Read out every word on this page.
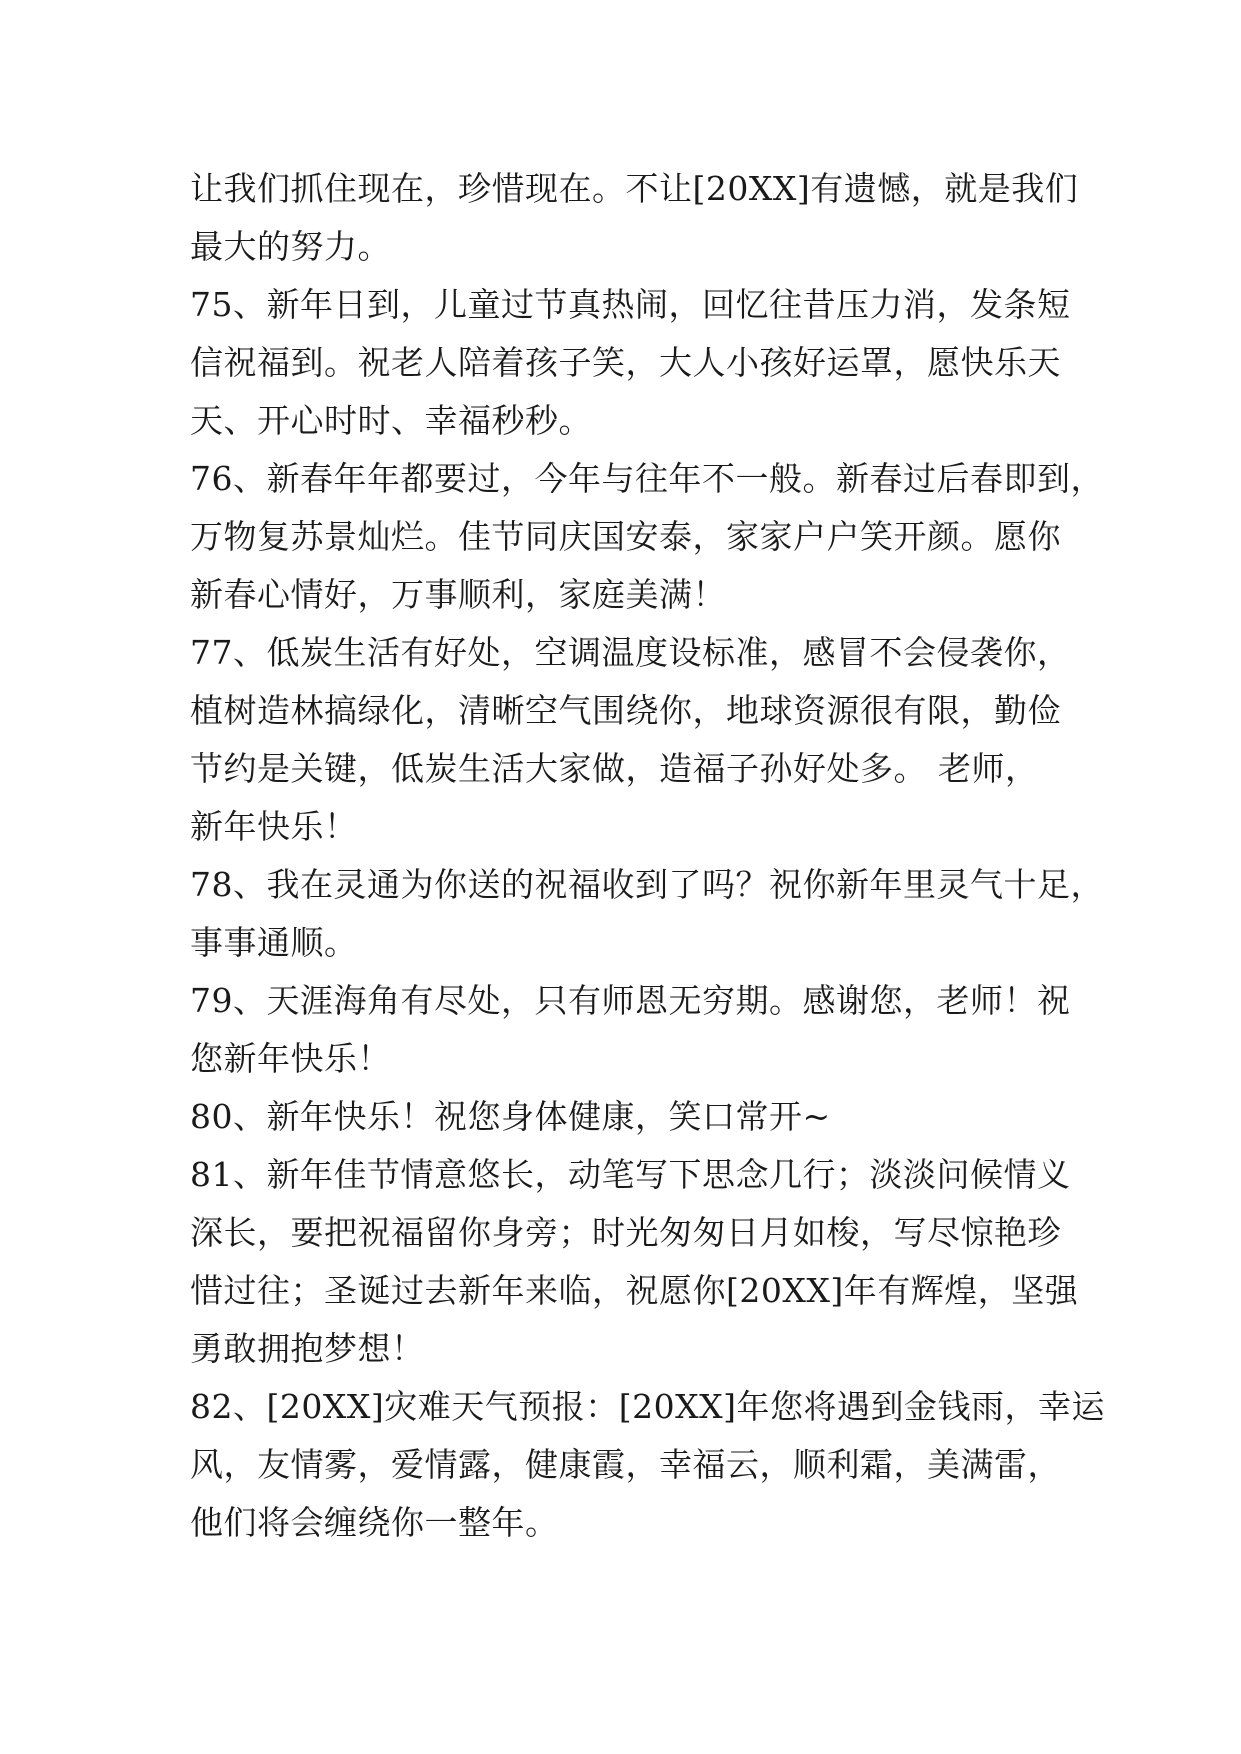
让我们抓住现在，珍惜现在。不让[20XX]有遗憾，就是我们
最大的努力。
75、新年日到，儿童过节真热闹，回忆往昔压力消，发条短
信祝福到。祝老人陪着孩子笑，大人小孩好运罩，愿快乐天
天、开心时时、幸福秒秒。
76、新春年年都要过，今年与往年不一般。新春过后春即到，
万物复苏景灿烂。佳节同庆国安泰，家家户户笑开颜。愿你
新春心情好，万事顺利，家庭美满！
77、低炭生活有好处，空调温度设标准，感冒不会侵袭你，
植树造林搞绿化，清晰空气围绕你，地球资源很有限，勤俭
节约是关键，低炭生活大家做，造福子孙好处多。 老师，
新年快乐！
78、我在灵通为你送的祝福收到了吗？祝你新年里灵气十足，
事事通顺。
79、天涯海角有尽处，只有师恩无穷期。感谢您，老师！祝
您新年快乐！
80、新年快乐！祝您身体健康，笑口常开~
81、新年佳节情意悠长，动笔写下思念几行；淡淡问候情义
深长，要把祝福留你身旁；时光匆匆日月如梭，写尽惊艳珍
惜过往；圣诞过去新年来临，祝愿你[20XX]年有辉煌，坚强
勇敢拥抱梦想！
82、[20XX]灾难天气预报：[20XX]年您将遇到金钱雨，幸运
风，友情雾，爱情露，健康霞，幸福云，顺利霜，美满雷，
他们将会缠绕你一整年。
